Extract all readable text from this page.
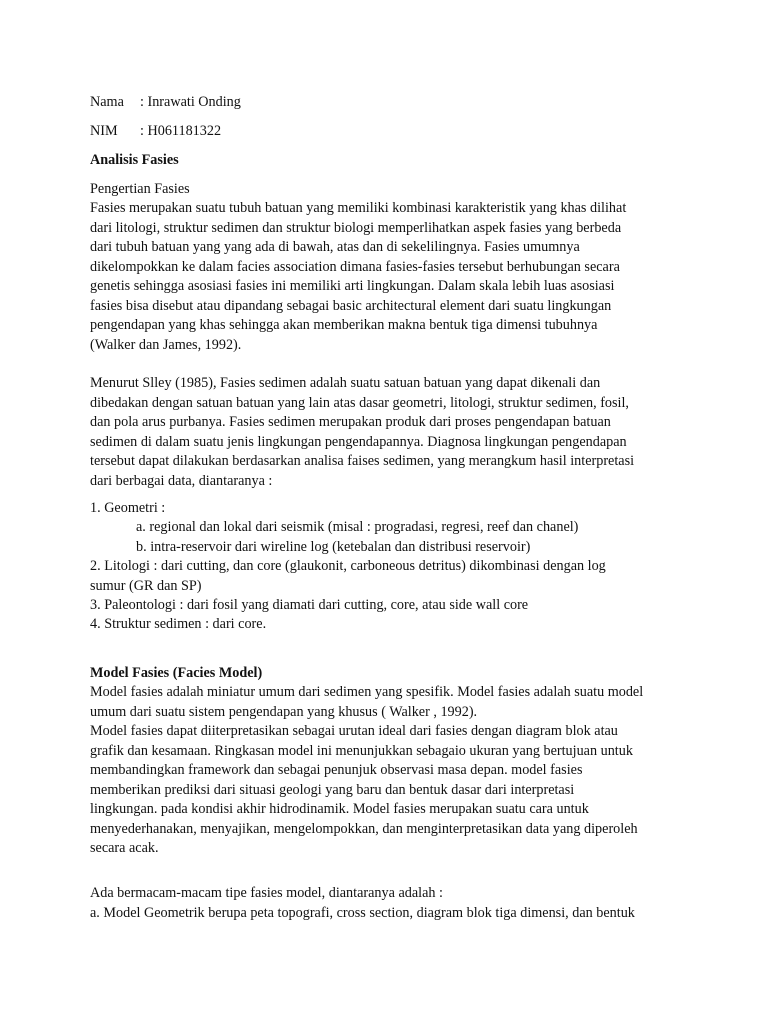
Nama : Inrawati Onding
NIM : H061181322
Analisis Fasies
Pengertian Fasies
Fasies merupakan suatu tubuh batuan yang memiliki kombinasi karakteristik yang khas dilihat
dari litologi, struktur sedimen dan struktur biologi memperlihatkan aspek fasies yang berbeda
dari tubuh batuan yang yang ada di bawah, atas dan di sekelilingnya. Fasies umumnya
dikelompokkan ke dalam facies association dimana fasies-fasies tersebut berhubungan secara
genetis sehingga asosiasi fasies ini memiliki arti lingkungan. Dalam skala lebih luas asosiasi
fasies bisa disebut atau dipandang sebagai basic architectural element dari suatu lingkungan
pengendapan yang khas sehingga akan memberikan makna bentuk tiga dimensi tubuhnya
(Walker dan James, 1992).
Menurut Slley (1985), Fasies sedimen adalah suatu satuan batuan yang dapat dikenali dan
dibedakan dengan satuan batuan yang lain atas dasar geometri, litologi, struktur sedimen, fosil,
dan pola arus purbanya. Fasies sedimen merupakan produk dari proses pengendapan batuan
sedimen di dalam suatu jenis lingkungan pengendapannya. Diagnosa lingkungan pengendapan
tersebut dapat dilakukan berdasarkan analisa faises sedimen, yang merangkum hasil interpretasi
dari berbagai data, diantaranya :
1. Geometri :
a. regional dan lokal dari seismik (misal : progradasi, regresi, reef dan chanel)
b. intra-reservoir dari wireline log (ketebalan dan distribusi reservoir)
2. Litologi : dari cutting, dan core (glaukonit, carboneous detritus) dikombinasi dengan log
sumur (GR dan SP)
3. Paleontologi : dari fosil yang diamati dari cutting, core, atau side wall core
4. Struktur sedimen : dari core.
Model Fasies (Facies Model)
Model fasies adalah miniatur umum dari sedimen yang spesifik. Model fasies adalah suatu model
umum dari suatu sistem pengendapan yang khusus ( Walker , 1992).
Model fasies dapat diiterpretasikan sebagai urutan ideal dari fasies dengan diagram blok atau
grafik dan kesamaan. Ringkasan model ini menunjukkan sebagaio ukuran yang bertujuan untuk
membandingkan framework dan sebagai penunjuk observasi masa depan. model fasies
memberikan prediksi dari situasi geologi yang baru dan bentuk dasar dari interpretasi
lingkungan. pada kondisi akhir hidrodinamik. Model fasies merupakan suatu cara untuk
menyederhanakan, menyajikan, mengelompokkan, dan menginterpretasikan data yang diperoleh
secara acak.
Ada bermacam-macam tipe fasies model, diantaranya adalah :
a. Model Geometrik berupa peta topografi, cross section, diagram blok tiga dimensi, dan bentuk
